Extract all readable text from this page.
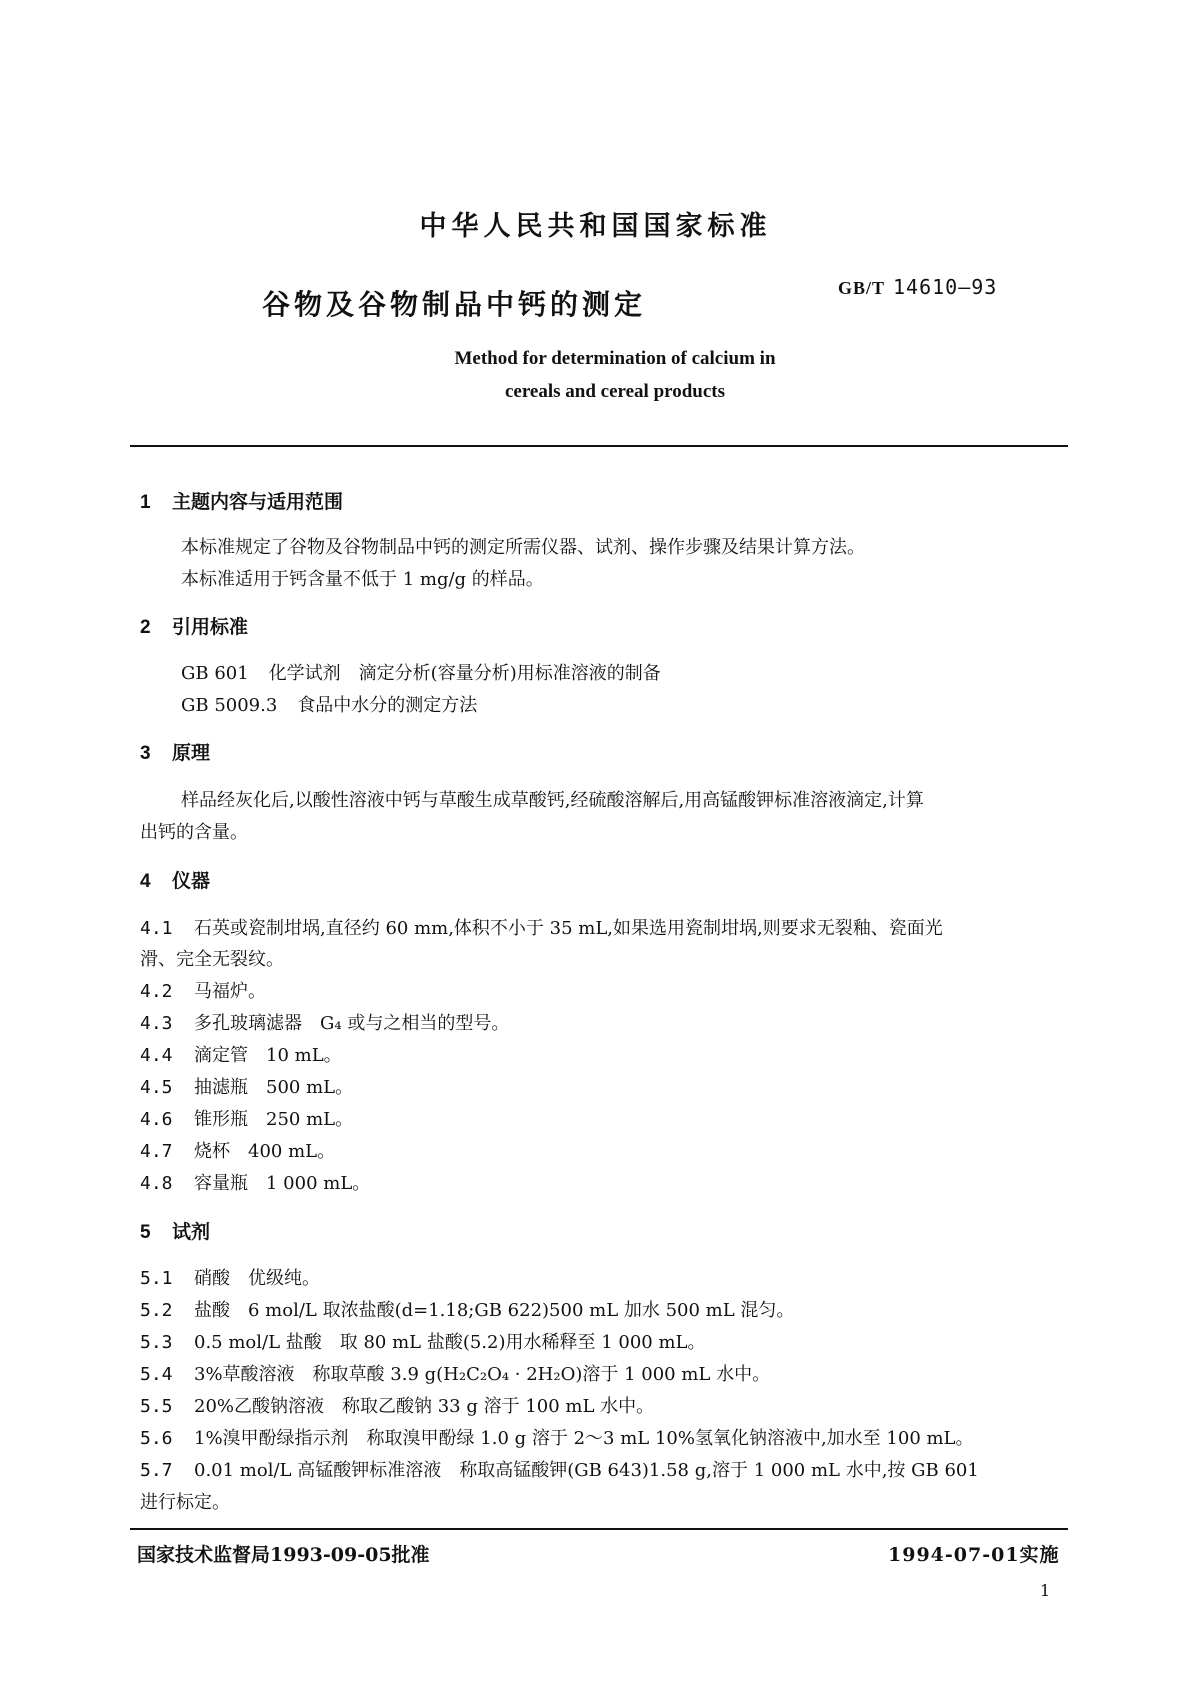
中华人民共和国国家标准
谷物及谷物制品中钙的测定	GB/T 14610—93
Method for determination of calcium in
cereals and cereal products
1 主题内容与适用范围
本标准规定了谷物及谷物制品中钙的测定所需仪器、试剂、操作步骤及结果计算方法。
本标准适用于钙含量不低于 1 mg/g 的样品。
2 引用标准
GB 601 化学试剂　滴定分析(容量分析)用标准溶液的制备
GB 5009.3 食品中水分的测定方法
3 原理
样品经灰化后,以酸性溶液中钙与草酸生成草酸钙,经硫酸溶解后,用高锰酸钾标准溶液滴定,计算
出钙的含量。
4 仪器
4.1 石英或瓷制坩埚,直径约 60 mm,体积不小于 35 mL,如果选用瓷制坩埚,则要求无裂釉、瓷面光
滑、完全无裂纹。
4.2 马福炉。
4.3 多孔玻璃滤器　G₄ 或与之相当的型号。
4.4 滴定管　10 mL。
4.5 抽滤瓶　500 mL。
4.6 锥形瓶　250 mL。
4.7 烧杯　400 mL。
4.8 容量瓶　1 000 mL。
5 试剂
5.1 硝酸　优级纯。
5.2 盐酸　6 mol/L 取浓盐酸(d=1.18;GB 622)500 mL 加水 500 mL 混匀。
5.3 0.5 mol/L 盐酸　取 80 mL 盐酸(5.2)用水稀释至 1 000 mL。
5.4 3%草酸溶液　称取草酸 3.9 g(H₂C₂O₄ · 2H₂O)溶于 1 000 mL 水中。
5.5 20%乙酸钠溶液　称取乙酸钠 33 g 溶于 100 mL 水中。
5.6 1%溴甲酚绿指示剂　称取溴甲酚绿 1.0 g 溶于 2～3 mL 10%氢氧化钠溶液中,加水至 100 mL。
5.7 0.01 mol/L 高锰酸钾标准溶液　称取高锰酸钾(GB 643)1.58 g,溶于 1 000 mL 水中,按 GB 601
进行标定。
国家技术监督局1993-09-05批准	1994-07-01实施
1
